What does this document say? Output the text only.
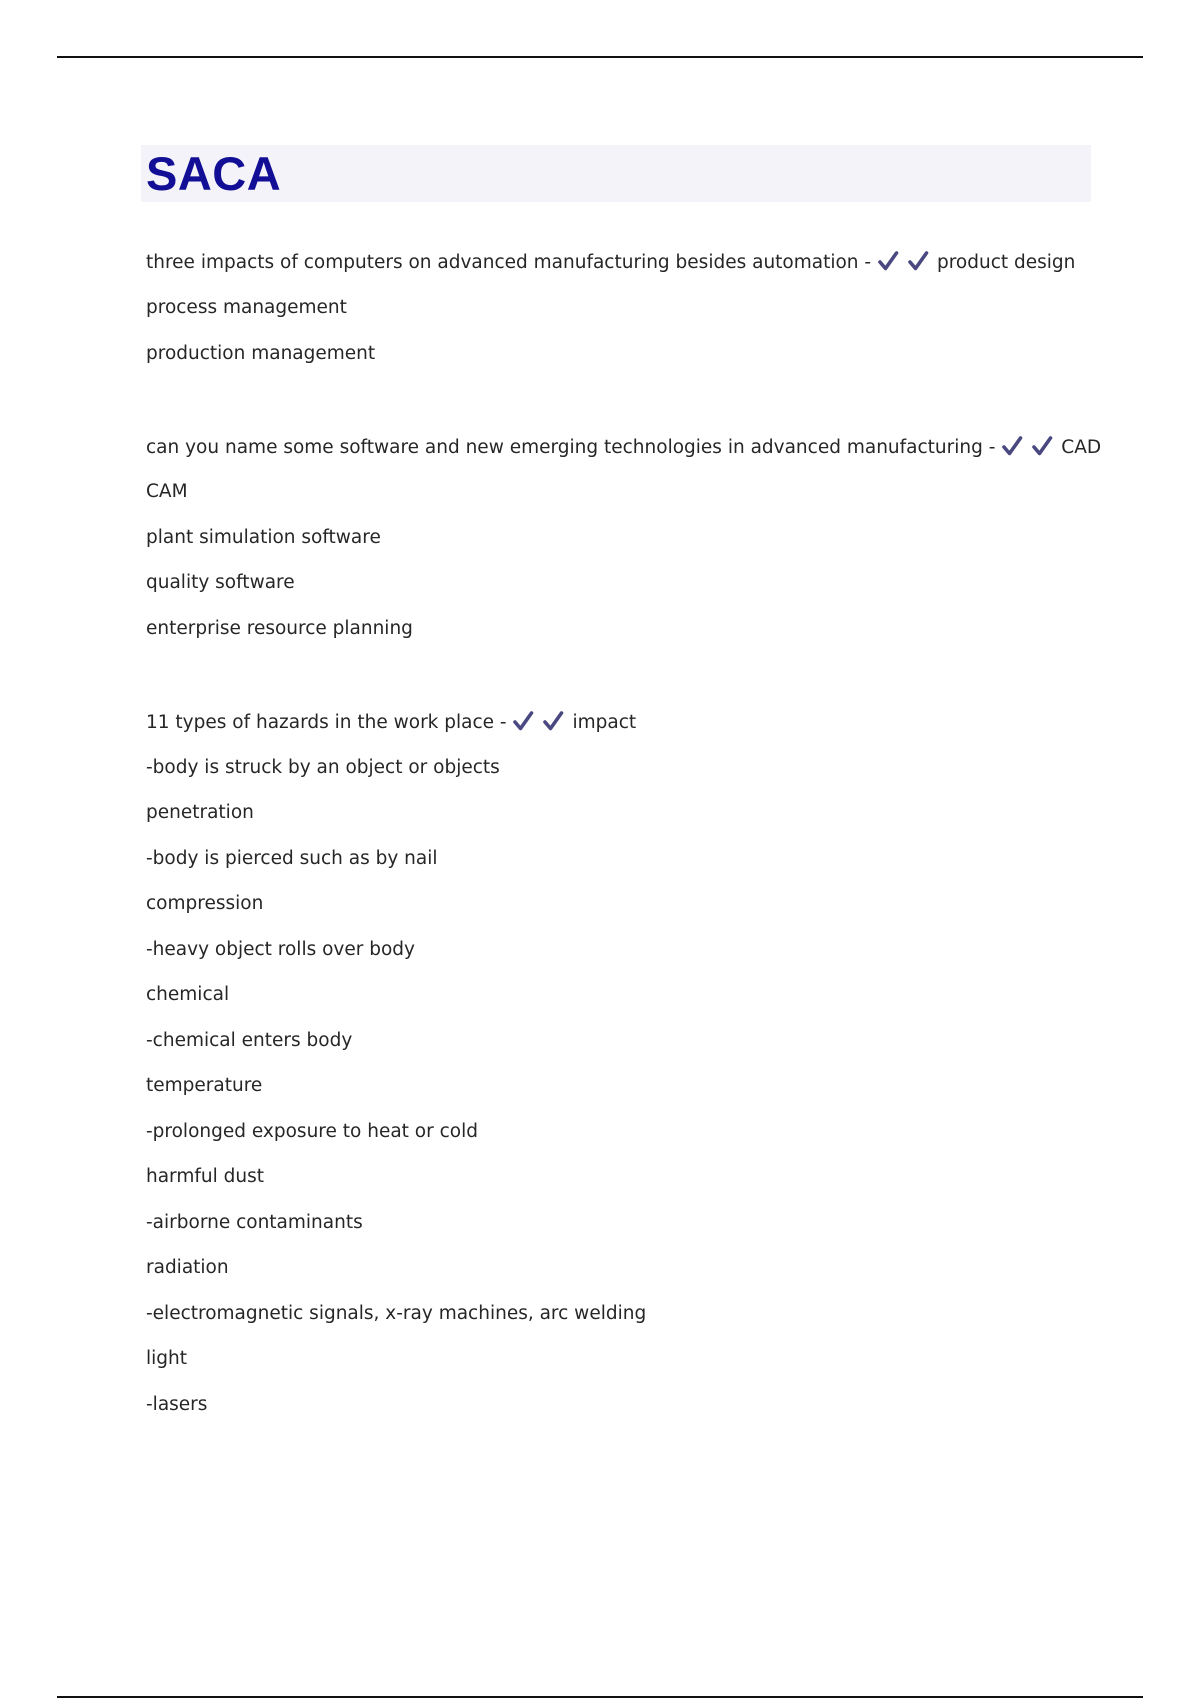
SACA
three impacts of computers on advanced manufacturing besides automation -	product design
process management
production management
can you name some software and new emerging technologies in advanced manufacturing -	CAD
CAM
plant simulation software
quality software
enterprise resource planning
11 types of hazards in the work place -	impact
-body is struck by an object or objects
penetration
-body is pierced such as by nail
compression
-heavy object rolls over body
chemical
-chemical enters body
temperature
-prolonged exposure to heat or cold
harmful dust
-airborne contaminants
radiation
-electromagnetic signals, x-ray machines, arc welding
light
-lasers
